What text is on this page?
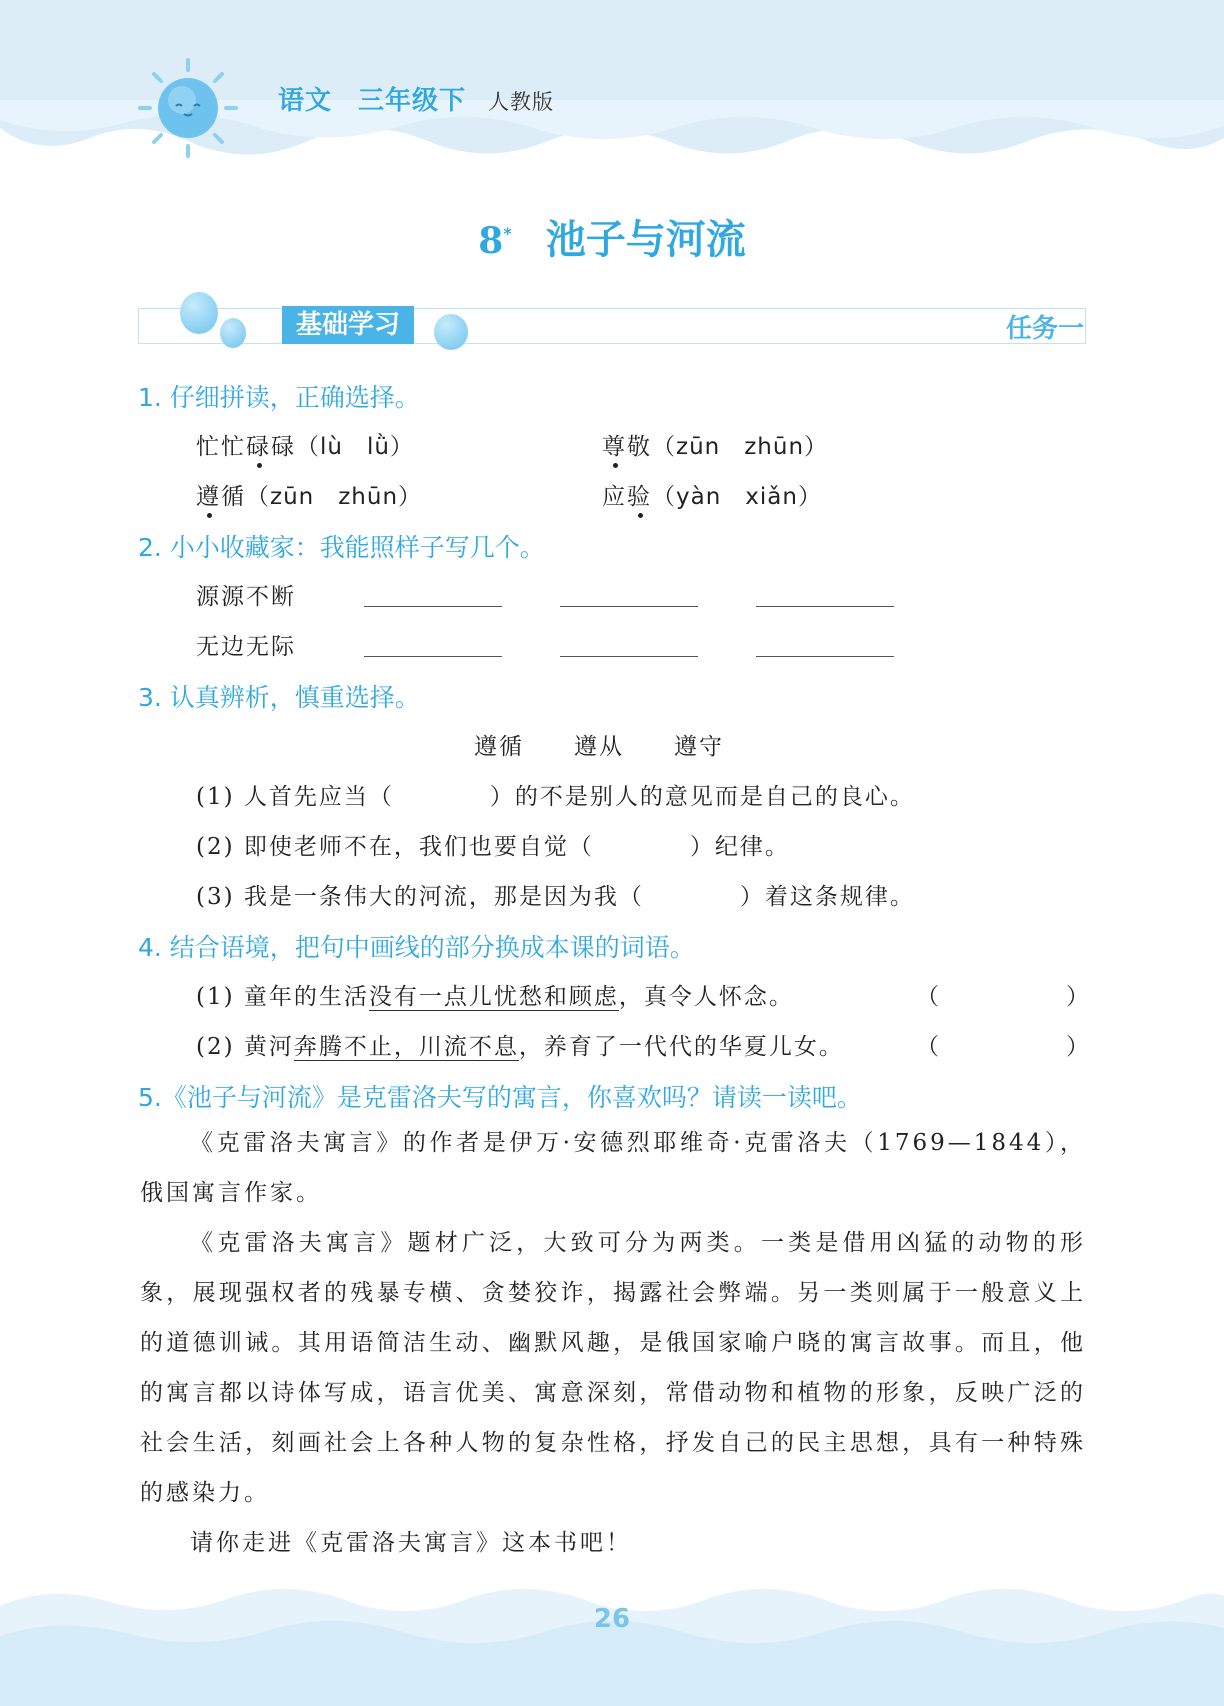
语文 三年级下 人教版
8* 池子与河流
基础学习	任务一
1. 仔细拼读，正确选择。
忙忙碌碌（lù　lǜ）	尊敬（zūn　zhūn）
遵循（zūn　zhūn）	应验（yàn　xiǎn）
2. 小小收藏家：我能照样子写几个。
源源不断
无边无际
3. 认真辨析，慎重选择。
遵循　　遵从　　遵守
(1) 人首先应当（	）的不是别人的意见而是自己的良心。
(2) 即使老师不在，我们也要自觉（	）纪律。
(3) 我是一条伟大的河流，那是因为我（	）着这条规律。
4. 结合语境，把句中画线的部分换成本课的词语。
(1) 童年的生活没有一点儿忧愁和顾虑，真令人怀念。	（　　　　　）
(2) 黄河奔腾不止，川流不息，养育了一代代的华夏儿女。	（　　　　　）
5.《池子与河流》是克雷洛夫写的寓言，你喜欢吗？请读一读吧。
《克雷洛夫寓言》的作者是伊万·安德烈耶维奇·克雷洛夫（1769—1844），俄国寓言作家。
《克雷洛夫寓言》题材广泛，大致可分为两类。一类是借用凶猛的动物的形象，展现强权者的残暴专横、贪婪狡诈，揭露社会弊端。另一类则属于一般意义上的道德训诫。其用语简洁生动、幽默风趣，是俄国家喻户晓的寓言故事。而且，他的寓言都以诗体写成，语言优美、寓意深刻，常借动物和植物的形象，反映广泛的社会生活，刻画社会上各种人物的复杂性格，抒发自己的民主思想，具有一种特殊的感染力。
请你走进《克雷洛夫寓言》这本书吧！
26
